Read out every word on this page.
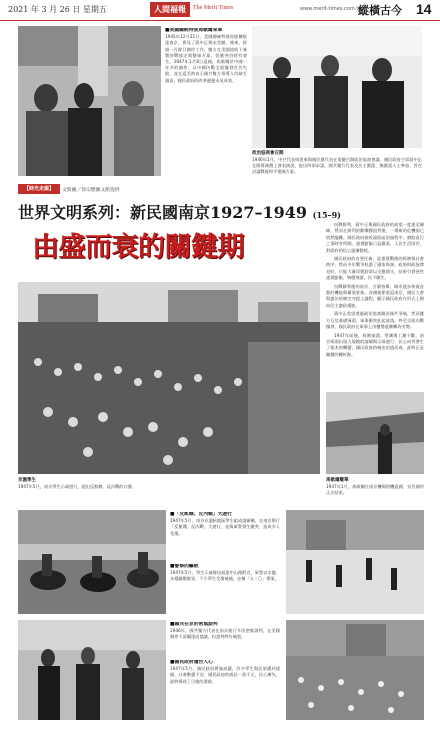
2021 年 3 月 26 日 星期五	人間福報	The Merit Times	www.merit-times.com.tw
縱橫古今 14
■美國總統特使馬歇爾來華
1945年12月21日，美國總統特使馬歇爾抵達南京，會見了蔣中正與宋美齡。後來，經過一百餘日調停工作，雙方在美國協助下簽署停戰協定與整軍方案，但衝突仍時有發生。1947年1月8日返國，馬歇爾於中國一年多的調停，以中國內戰全面爆發宣告失敗，並在返美時表示國共雙方領導人均缺乏誠意，國民政府的改革遲遲未見成效。
政治協商會召開
1946年1月，中共代表周恩來與國民黨代表在重慶召開政治協商會議，國民政府主席蔣中正在開幕典禮上發表演說，提出四項承諾，國共雙方代表及民主黨派、無黨派人士參加，旨在討論戰後和平建國方案。
【時光走廊】	文與圖／徐宗懋圖文館提供
世界文明系列：新民國南京1927–1949 (15–9)
由盛而衰的關鍵期

抗戰勝利，蔣中正與國民政府的威望一度達至巔峰，然而在勝利的歡樂聲浪背後，一場新的危機卻已悄然醞釀。國民政府接收淪陷區的過程中，腐敗貪污之事時有所聞，通貨膨脹日益嚴重，人民生活困苦，對政府的信心逐漸動搖。

國民政府的首要任務，是重建戰後的經濟與社會秩序。然而多年戰爭耗盡了國家資源，政府財政捉襟見肘，只能大量印製鈔票以支應開支，結果引發惡性通貨膨脹，物價飛漲，民不聊生。

抗戰勝利後的南京，百廢待舉，城市逐步恢復首都的機能與繁榮景象，各國使節重返南京，國民大會與憲法的制定亦提上議程，顯示國民政府在形式上朝向民主憲政邁進。

蔣中正希望透過政治協商解決國共爭端，然而雙方互信基礎薄弱，軍事衝突此起彼落，終至全面內戰爆發，國民政府在軍事上由優勢逐漸轉為劣勢。

1947年前後，經濟崩潰、學潮與工潮不斷，南京街頭出現大規模的請願與示威遊行，民心向背發生了根本的轉變，國民政府的統治由盛而衰，此時正是關鍵的轉折點。

京滬學生
1947年5月，南京學生示威遊行，提出反飢餓、反內戰的口號。
馬歇爾離華
1947年1月，馬歇爾在南京機場搭機返國，宣告調停正式結束。
■「反飢餓、反內戰」大遊行
1947年5月，南京京滬杭地區學生組成請願團，在南京舉行「反飢餓、反內戰」大遊行，並與軍警發生衝突，造成多人受傷。
■警察的驅散
1947年5月，學生示威隊伍抵達中山路附近，軍警以水龍、木棍驅散群眾，不少學生受傷被捕，史稱「五二〇」慘案。
■國共在京的密集談判
1946年，國共雙方代表在南京進行多次密集談判，在美國調停下試圖達成協議，但談判終告破裂。
■國民政府遷台人心
1947年5月，國民政府實施戒嚴，許多學生與民眾遭到逮捕，社會動盪不安，國民政府的威信一落千丈，民心漸失，最終導致了日後的潰敗。
